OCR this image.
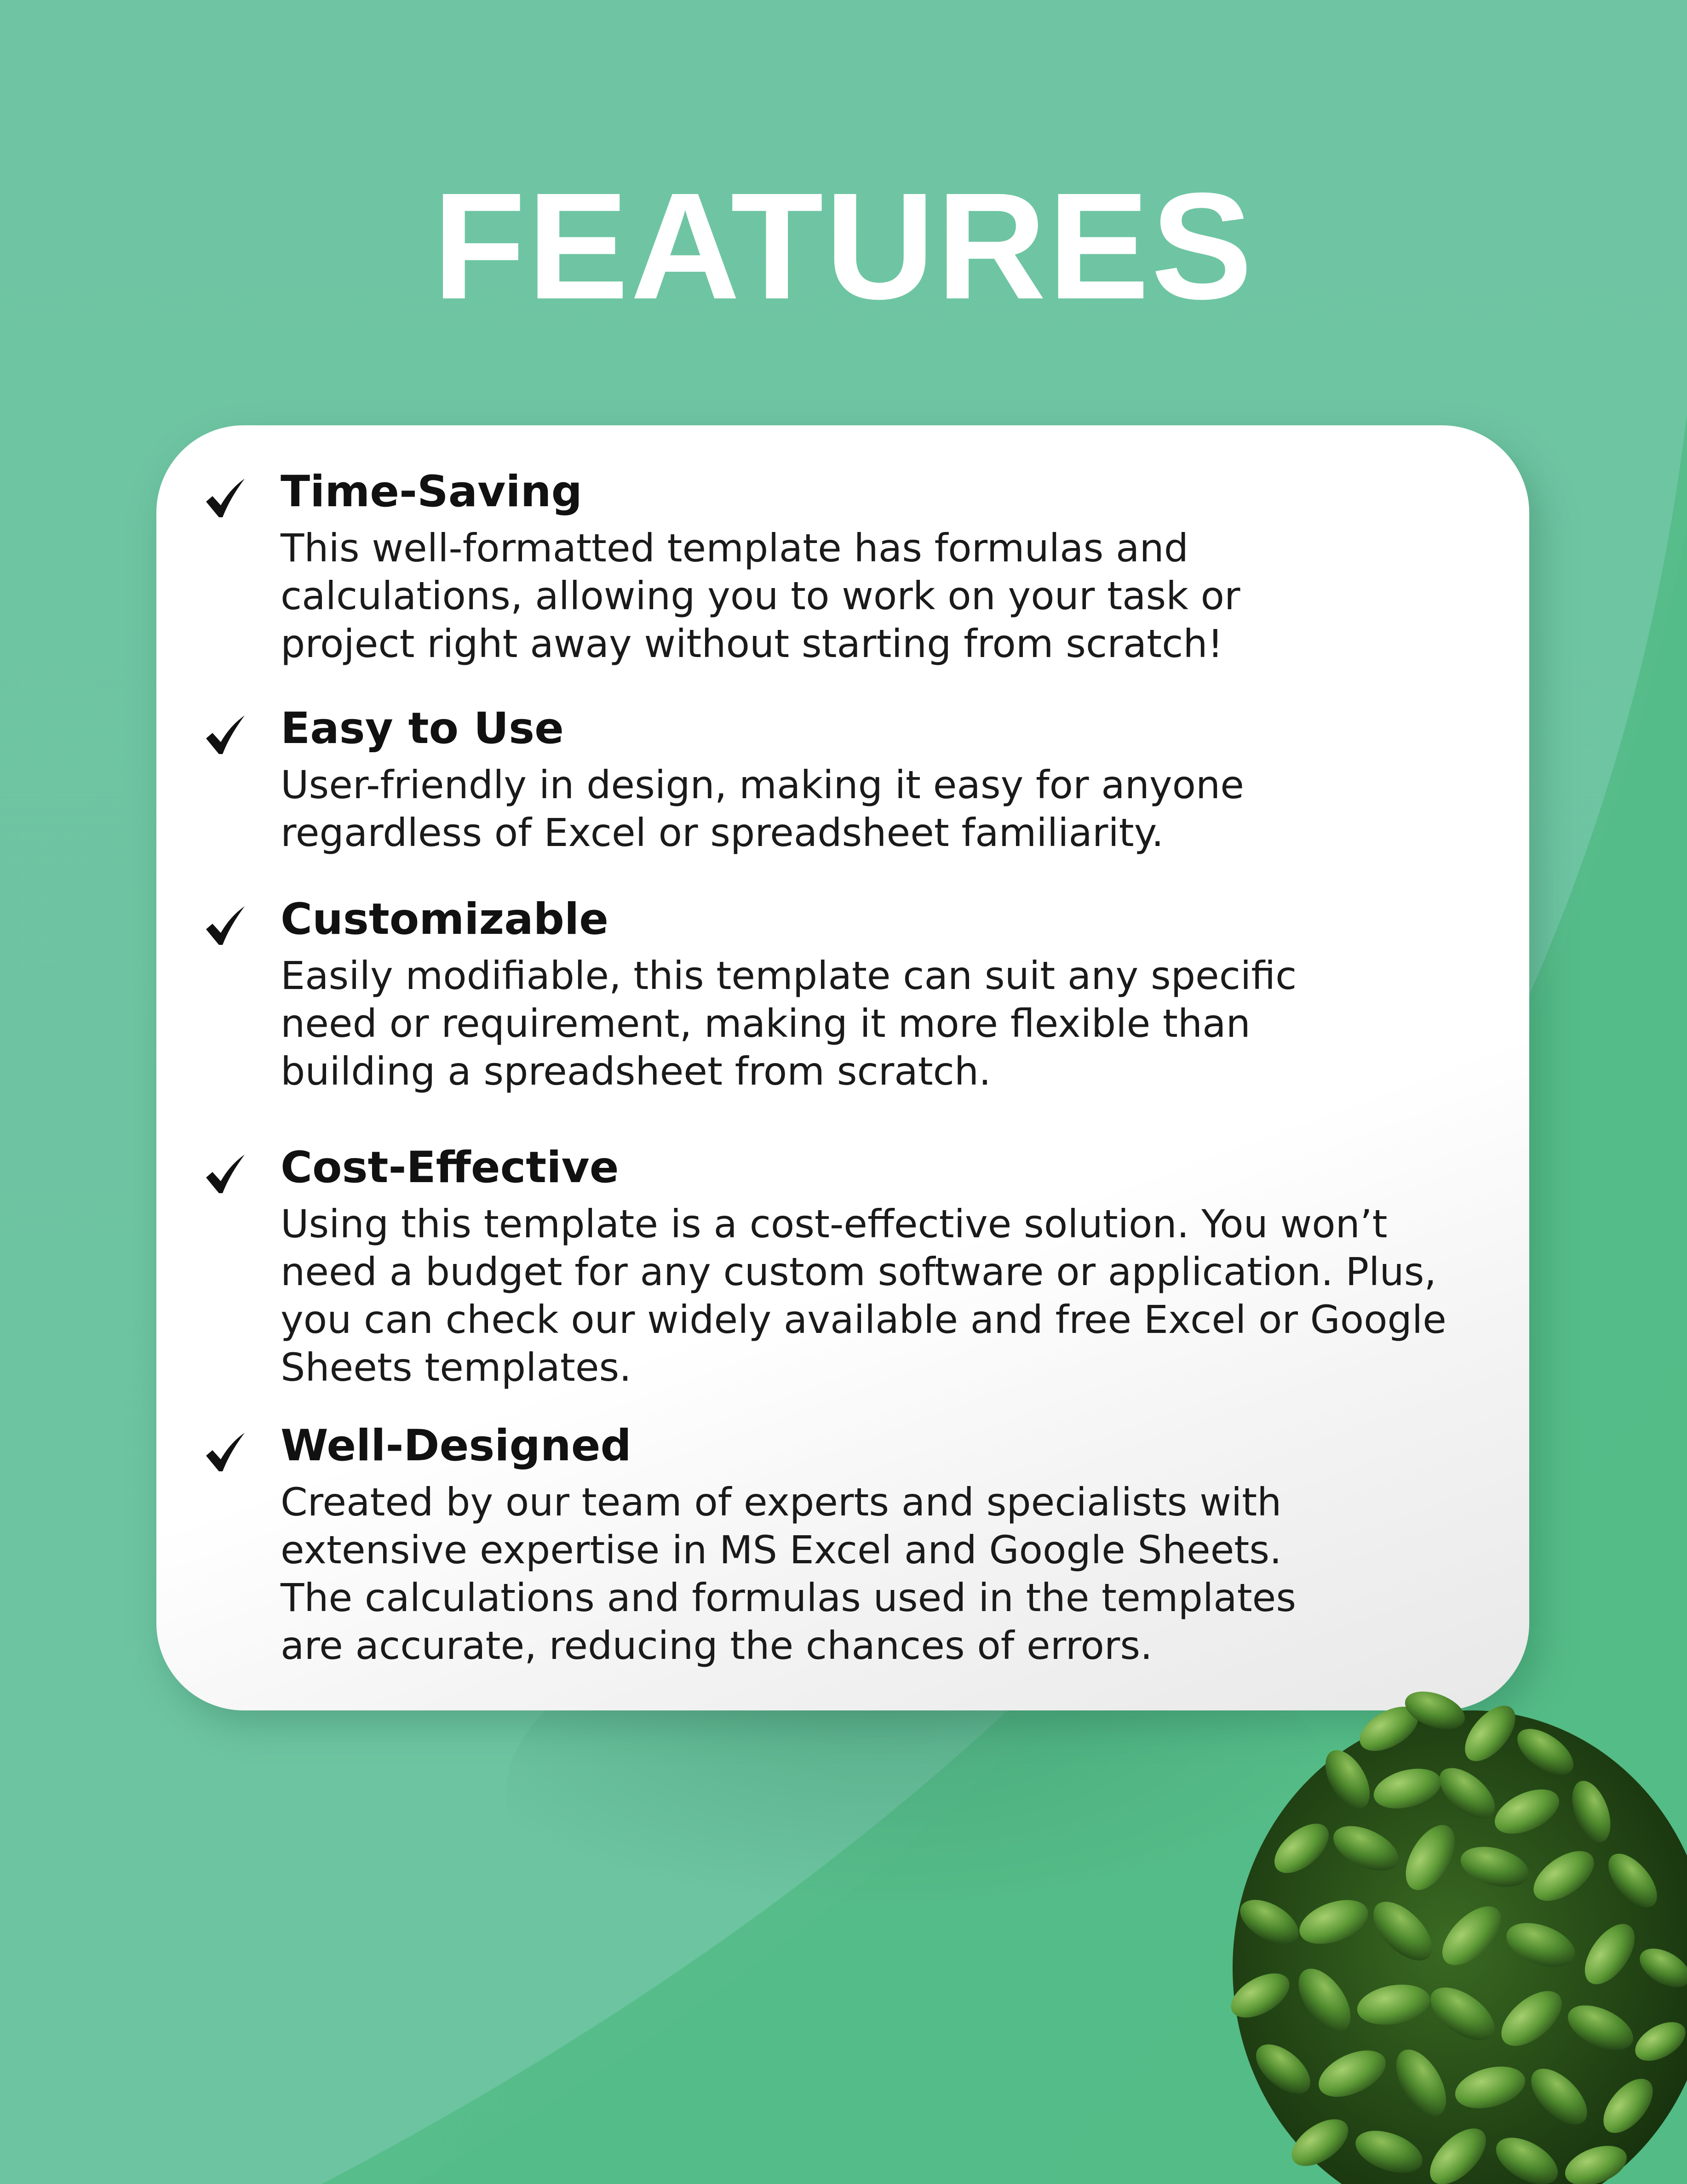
FEATURES
Time-Saving
This well-formatted template has formulas and
calculations, allowing you to work on your task or
project right away without starting from scratch!
Easy to Use
User-friendly in design, making it easy for anyone
regardless of Excel or spreadsheet familiarity.
Customizable
Easily modifiable, this template can suit any specific
need or requirement, making it more flexible than
building a spreadsheet from scratch.
Cost-Effective
Using this template is a cost-effective solution. You won’t
need a budget for any custom software or application. Plus,
you can check our widely available and free Excel or Google
Sheets templates.
Well-Designed
Created by our team of experts and specialists with
extensive expertise in MS Excel and Google Sheets.
The calculations and formulas used in the templates
are accurate, reducing the chances of errors.
